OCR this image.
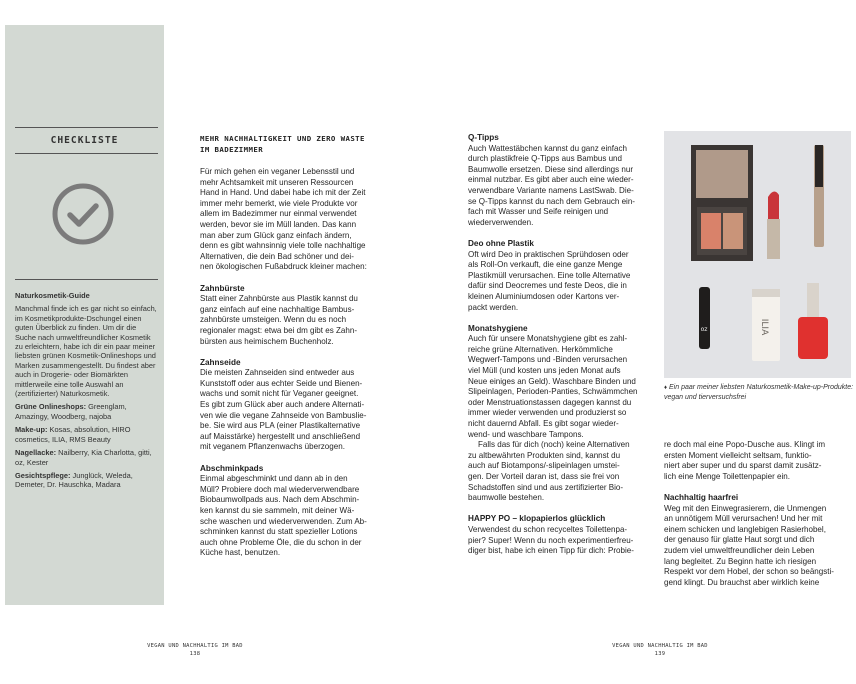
CHECKLISTE

Naturkosmetik-Guide

Manchmal finde ich es gar nicht so einfach, im Kosmetikprodukte-Dschungel einen guten Überblick zu finden. Um dir die Suche nach umweltfreundlicher Kosmetik zu erleichtern, habe ich dir ein paar meiner liebsten grünen Kosmetik-Onlineshops und Marken zusammengestellt. Du findest aber auch in Drogerie- oder Biomärkten mittlerweile eine tolle Auswahl an (zertifizierter) Naturkosmetik.

Grüne Onlineshops: Greenglam, Amazingy, Woodberg, najoba

Make-up: Kosas, absolution, HIRO cosmetics, ILIA, RMS Beauty

Nagellacke: Nailberry, Kia Charlotta, gitti, oz, Kester

Gesichtspflege: Junglück, Weleda, Demeter, Dr. Hauschka, Madara

MEHR NACHHALTIGKEIT UND ZERO WASTE

IM BADEZIMMER

Für mich gehen ein veganer Lebensstil und
mehr Achtsamkeit mit unseren Ressourcen
Hand in Hand. Und dabei habe ich mit der Zeit
immer mehr bemerkt, wie viele Produkte vor
allem im Badezimmer nur einmal verwendet
werden, bevor sie im Müll landen. Das kann
man aber zum Glück ganz einfach ändern,
denn es gibt wahnsinnig viele tolle nachhaltige
Alternativen, die dein Bad schöner und dei-
nen ökologischen Fußabdruck kleiner machen:
Zahnbürste
Statt einer Zahnbürste aus Plastik kannst du
ganz einfach auf eine nachhaltige Bambus-
zahnbürste umsteigen. Wenn du es noch
regionaler magst: etwa bei dm gibt es Zahn-
bürsten aus heimischem Buchenholz.
Zahnseide
Die meisten Zahnseiden sind entweder aus
Kunststoff oder aus echter Seide und Bienen-
wachs und somit nicht für Veganer geeignet.
Es gibt zum Glück aber auch andere Alternati-
ven wie die vegane Zahnseide von Bambuslie-
be. Sie wird aus PLA (einer Plastikalternative
auf Maisstärke) hergestellt und anschließend
mit veganem Pflanzenwachs überzogen.
Abschminkpads
Einmal abgeschminkt und dann ab in den
Müll? Probiere doch mal wiederverwendbare
Biobaumwollpads aus. Nach dem Abschmin-
ken kannst du sie sammeln, mit deiner Wä-
sche waschen und wiederverwenden. Zum Ab-
schminken kannst du statt spezieller Lotions
auch ohne Probleme Öle, die du schon in der
Küche hast, benutzen.
Q-Tipps
Auch Wattestäbchen kannst du ganz einfach
durch plastikfreie Q-Tipps aus Bambus und
Baumwolle ersetzen. Diese sind allerdings nur
einmal nutzbar. Es gibt aber auch eine wieder-
verwendbare Variante namens LastSwab. Die-
se Q-Tipps kannst du nach dem Gebrauch ein-
fach mit Wasser und Seife reinigen und
wiederverwenden.
Deo ohne Plastik
Oft wird Deo in praktischen Sprühdosen oder
als Roll-On verkauft, die eine ganze Menge
Plastikmüll verursachen. Eine tolle Alternative
dafür sind Deocremes und feste Deos, die in
kleinen Aluminiumdosen oder Kartons ver-
packt werden.
Monatshygiene
Auch für unsere Monatshygiene gibt es zahl-
reiche grüne Alternativen. Herkömmliche
Wegwerf-Tampons und -Binden verursachen
viel Müll (und kosten uns jeden Monat aufs
Neue einiges an Geld). Waschbare Binden und
Slipeinlagen, Perioden-Panties, Schwämmchen
oder Menstruationstassen dagegen kannst du
immer wieder verwenden und produzierst so
nicht dauernd Abfall. Es gibt sogar wieder-
wend- und waschbare Tampons.
Falls das für dich (noch) keine Alternativen
zu altbewährten Produkten sind, kannst du
auch auf Biotampons/-slipeinlagen umstei-
gen. Der Vorteil daran ist, dass sie frei von
Schadstoffen sind und aus zertifizierter Bio-
baumwolle bestehen.
HAPPY PO – klopapierlos glücklich
Verwendest du schon recyceltes Toilettenpa-
pier? Super! Wenn du noch experimentierfreu-
diger bist, habe ich einen Tipp für dich: Probie-
oz	ILIA
♦ Ein paar meiner liebsten Naturkosmetik-Make-up-Produkte: vegan und tierversuchsfrei
re doch mal eine Popo-Dusche aus. Klingt im
ersten Moment vielleicht seltsam, funktio-
niert aber super und du sparst damit zusätz-
lich eine Menge Toilettenpapier ein.
Nachhaltig haarfrei
Weg mit den Einwegrasierern, die Unmengen
an unnötigem Müll verursachen! Und her mit
einem schicken und langlebigen Rasierhobel,
der genauso für glatte Haut sorgt und dich
zudem viel umweltfreundlicher dein Leben
lang begleitet. Zu Beginn hatte ich riesigen
Respekt vor dem Hobel, der schon so beängsti-
gend klingt. Du brauchst aber wirklich keine
VEGAN UND NACHHALTIG IM BAD
138
VEGAN UND NACHHALTIG IM BAD
139
